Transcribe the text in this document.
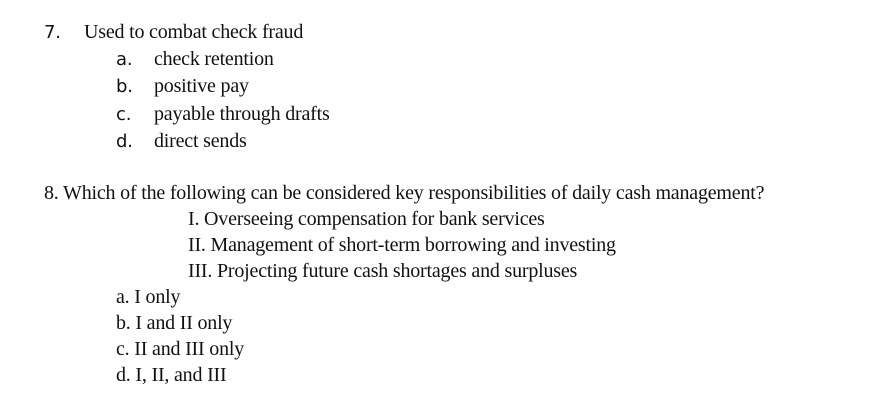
7. Used to combat check fraud
a. check retention
b. positive pay
c. payable through drafts
d. direct sends
8. Which of the following can be considered key responsibilities of daily cash management?
I. Overseeing compensation for bank services
II. Management of short-term borrowing and investing
III. Projecting future cash shortages and surpluses
a. I only
b. I and II only
c. II and III only
d. I, II, and III
